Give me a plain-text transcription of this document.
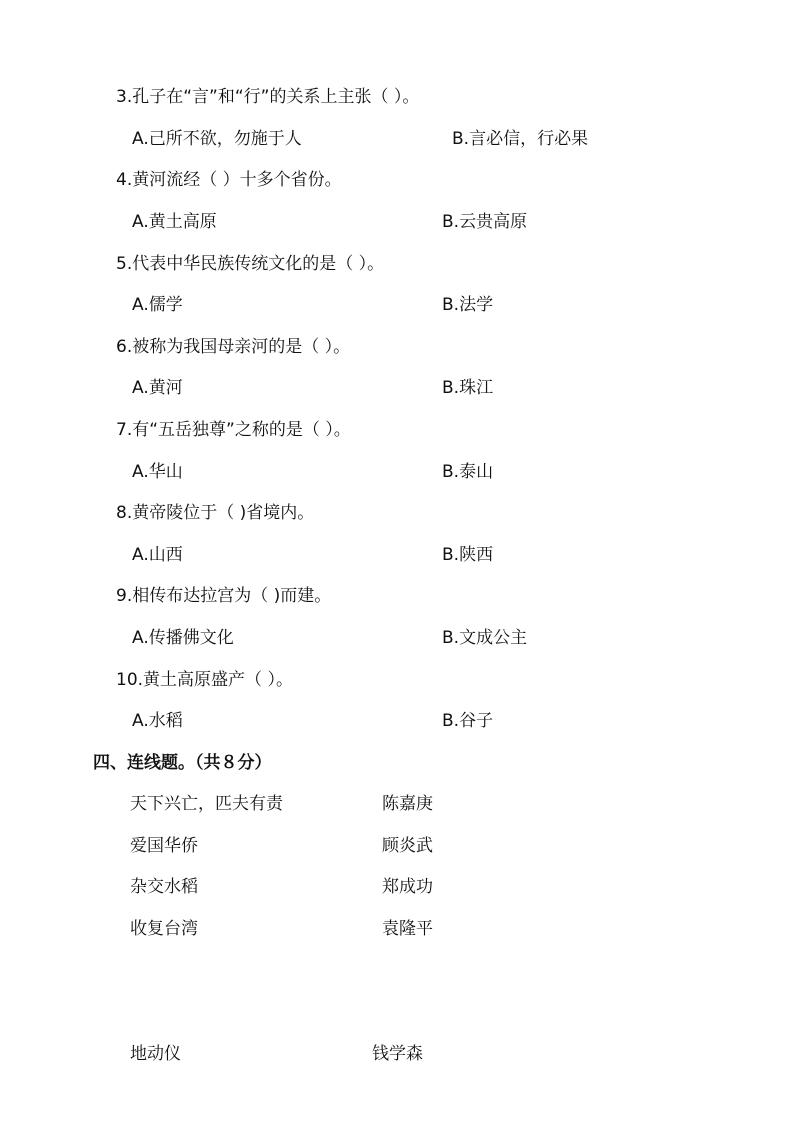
3.孔子在“言”和“行”的关系上主张（ ）。
A.己所不欲，勿施于人	B.言必信，行必果
4.黄河流经（ ）十多个省份。
A.黄土高原	B.云贵高原
5.代表中华民族传统文化的是（ ）。
A.儒学	B.法学
6.被称为我国母亲河的是（ ）。
A.黄河	B.珠江
7.有“五岳独尊”之称的是（ ）。
A.华山	B.泰山
8.黄帝陵位于（ )省境内。
A.山西	B.陕西
9.相传布达拉宫为（ )而建。
A.传播佛文化	B.文成公主
10.黄土高原盛产（ ）。
A.水稻	B.谷子
四、连线题。（共８分）
天下兴亡，匹夫有责	陈嘉庚
爱国华侨	顾炎武
杂交水稻	郑成功
收复台湾	袁隆平
地动仪	钱学森
